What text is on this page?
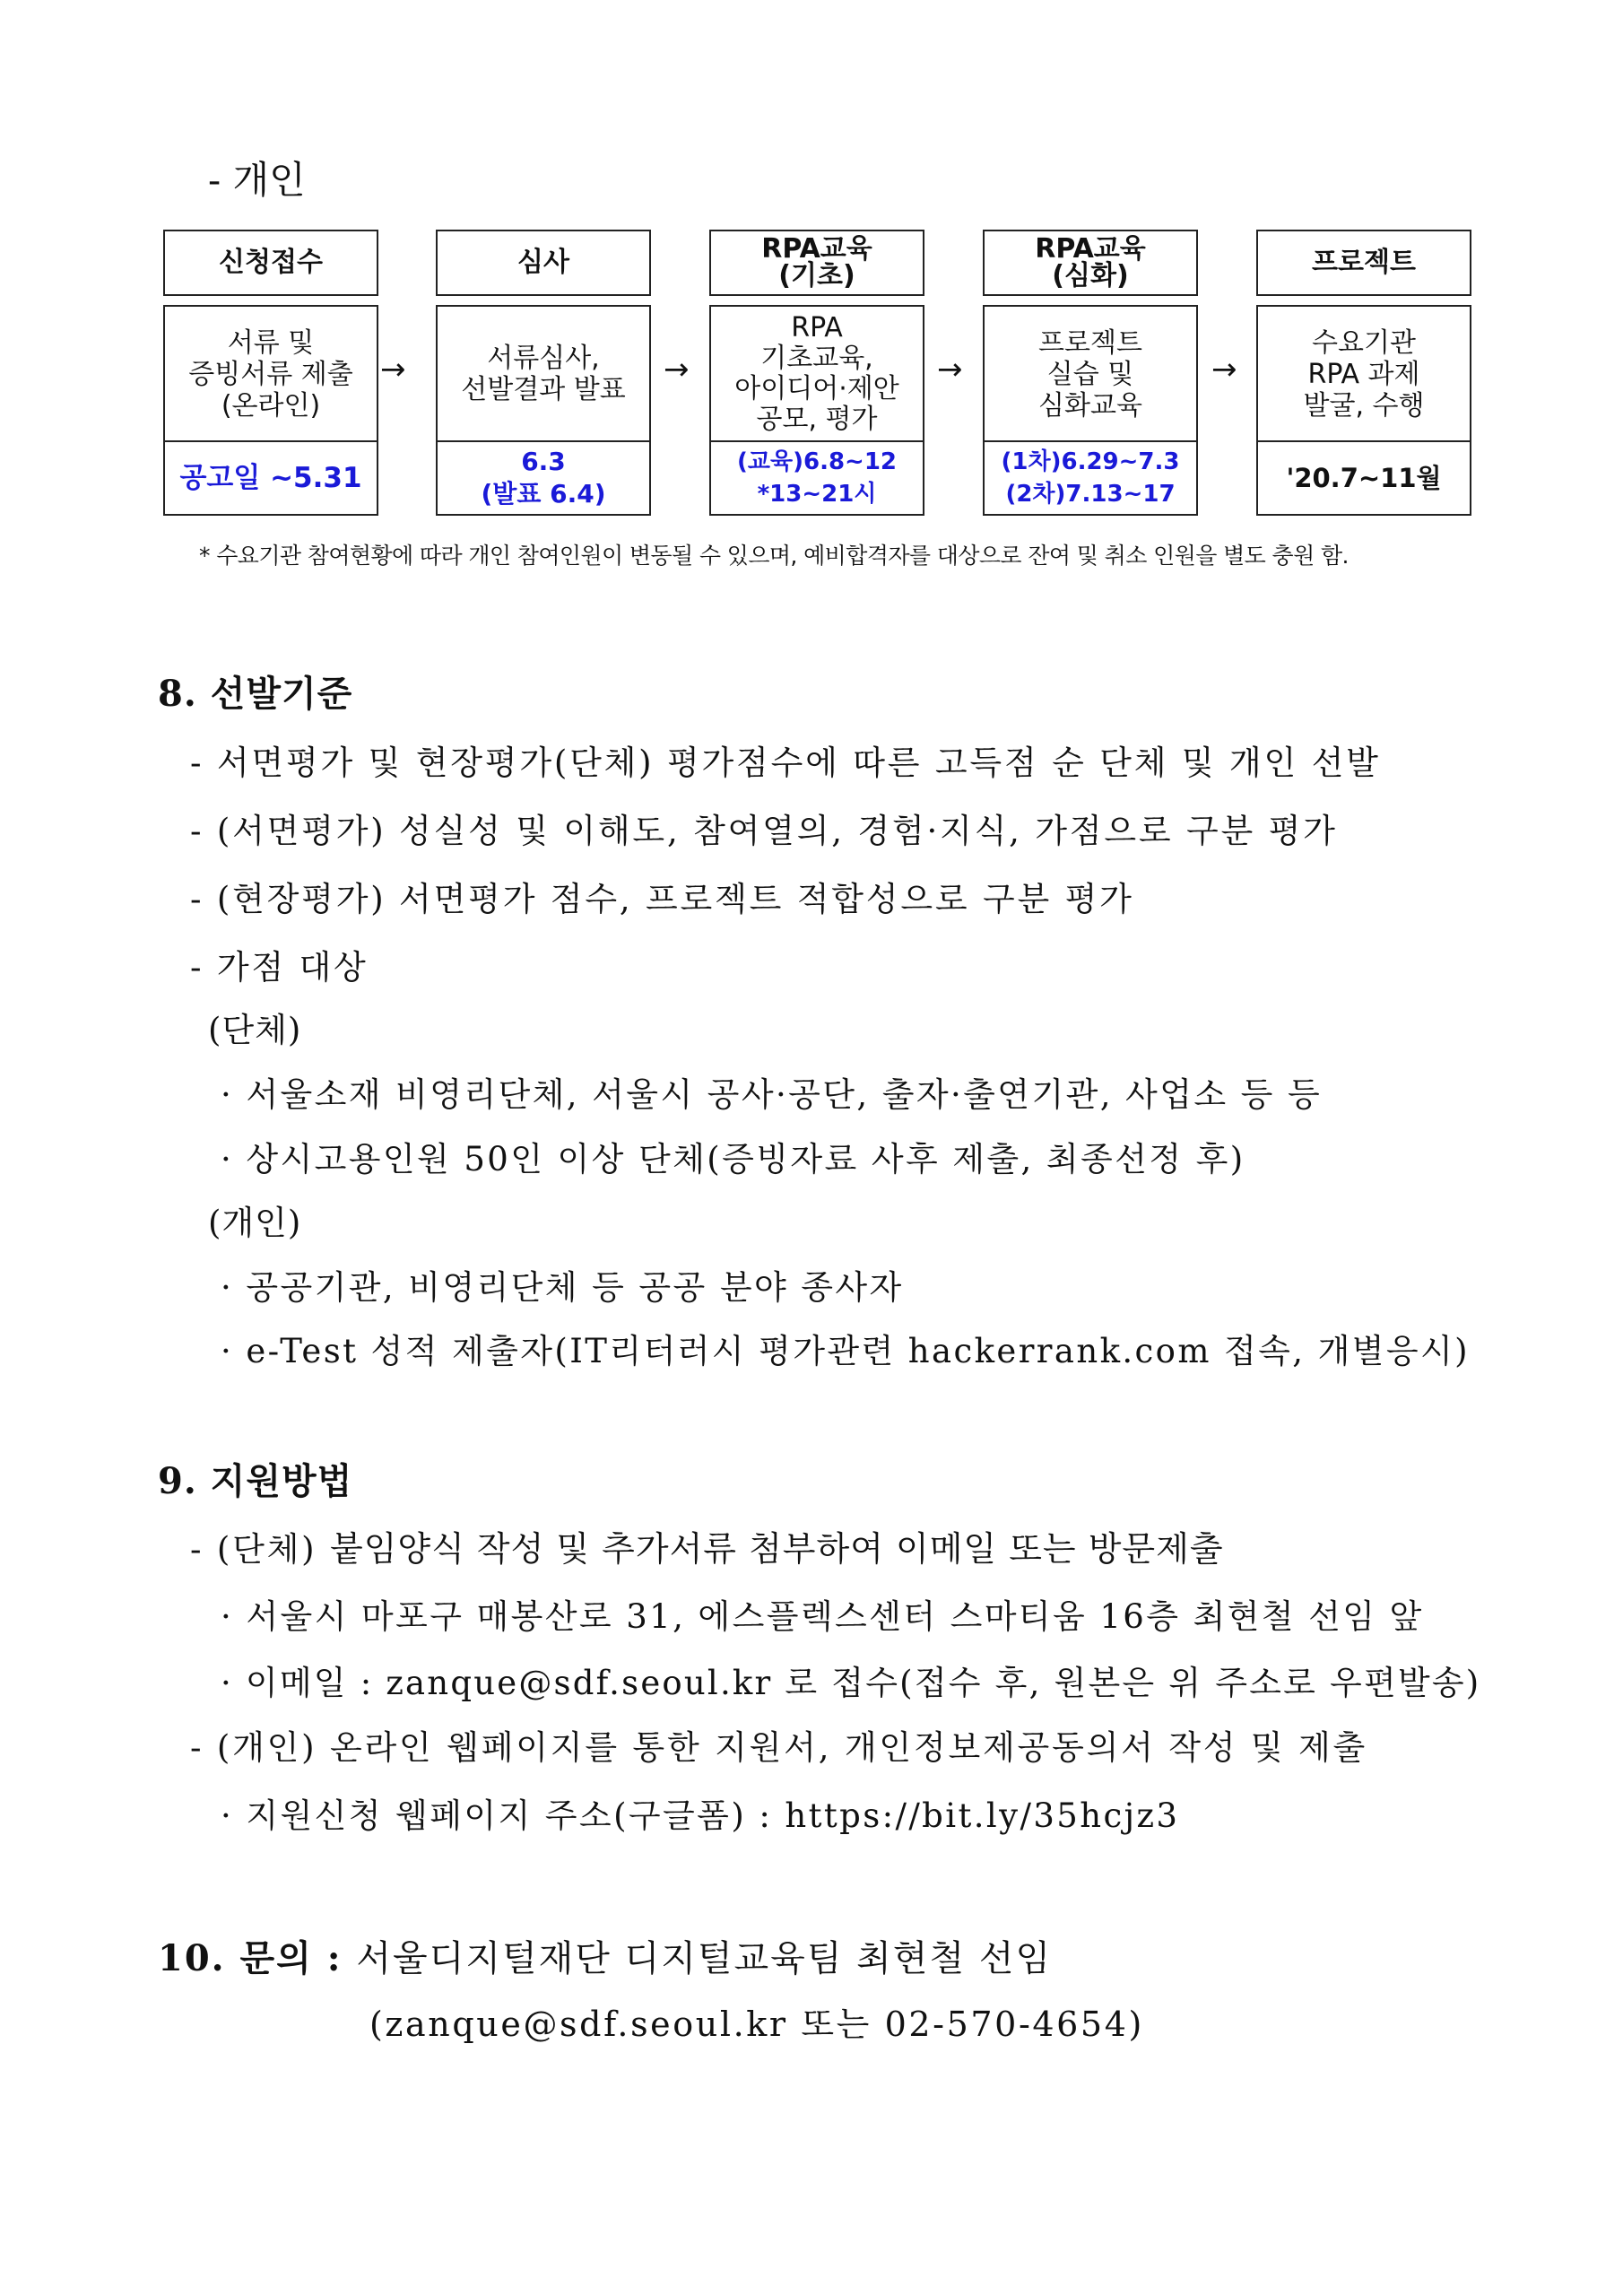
- 개인
신청접수
서류 및
증빙서류 제출
(온라인)
공고일 ~5.31
→
심사
서류심사,
선발결과 발표
6.3
(발표 6.4)
→
RPA교육
(기초)
RPA
기초교육,
아이디어·제안
공모, 평가
(교육)6.8~12
*13~21시
→
RPA교육
(심화)
프로젝트
실습 및
심화교육
(1차)6.29~7.3
(2차)7.13~17
→
프로젝트
수요기관
RPA 과제
발굴, 수행
'20.7~11월
* 수요기관 참여현황에 따라 개인 참여인원이 변동될 수 있으며, 예비합격자를 대상으로 잔여 및 취소 인원을 별도 충원 함.
8. 선발기준
- 서면평가 및 현장평가(단체) 평가점수에 따른 고득점 순 단체 및 개인 선발
- (서면평가) 성실성 및 이해도, 참여열의, 경험·지식, 가점으로 구분 평가
- (현장평가) 서면평가 점수, 프로젝트 적합성으로 구분 평가
- 가점 대상
(단체)
· 서울소재 비영리단체, 서울시 공사·공단, 출자·출연기관, 사업소 등 등
· 상시고용인원 50인 이상 단체(증빙자료 사후 제출, 최종선정 후)
(개인)
· 공공기관, 비영리단체 등 공공 분야 종사자
· e-Test 성적 제출자(IT리터러시 평가관련 hackerrank.com 접속, 개별응시)
9. 지원방법
- (단체) 붙임양식 작성 및 추가서류 첨부하여 이메일 또는 방문제출
· 서울시 마포구 매봉산로 31, 에스플렉스센터 스마티움 16층 최현철 선임 앞
· 이메일 : zanque@sdf.seoul.kr 로 접수(접수 후, 원본은 위 주소로 우편발송)
- (개인) 온라인 웹페이지를 통한 지원서, 개인정보제공동의서 작성 및 제출
· 지원신청 웹페이지 주소(구글폼) : https://bit.ly/35hcjz3
10. 문의 : 서울디지털재단 디지털교육팀 최현철 선임
(zanque@sdf.seoul.kr 또는 02-570-4654)
